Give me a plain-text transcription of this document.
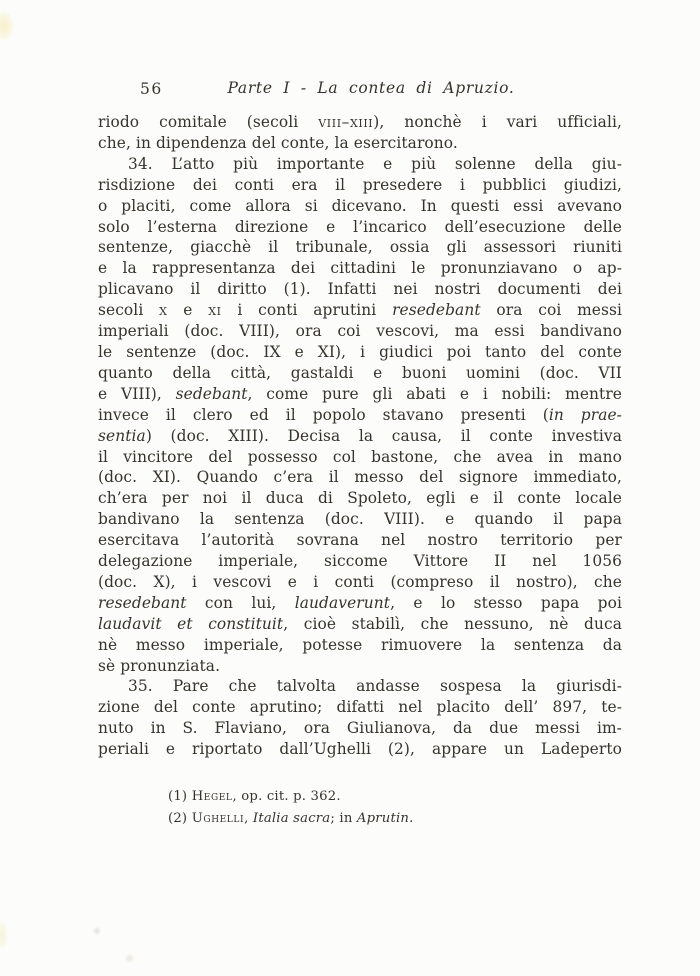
56	Parte I - La contea di Apruzio.
riodo comitale (secoli viii–xiii), nonchè i vari ufficiali,
che, in dipendenza del conte, la esercitarono.
34. L’atto più importante e più solenne della giu-
risdizione dei conti era il presedere i pubblici giudizi,
o placiti, come allora si dicevano. In questi essi avevano
solo l’esterna direzione e l’incarico dell’esecuzione delle
sentenze, giacchè il tribunale, ossia gli assessori riuniti
e la rappresentanza dei cittadini le pronunziavano o ap-
plicavano il diritto (1). Infatti nei nostri documenti dei
secoli x e xi i conti aprutini resedebant ora coi messi
imperiali (doc. VIII), ora coi vescovi, ma essi bandivano
le sentenze (doc. IX e XI), i giudici poi tanto del conte
quanto della città, gastaldi e buoni uomini (doc. VII
e VIII), sedebant, come pure gli abati e i nobili: mentre
invece il clero ed il popolo stavano presenti (in prae-
sentia) (doc. XIII). Decisa la causa, il conte investiva
il vincitore del possesso col bastone, che avea in mano
(doc. XI). Quando c’era il messo del signore immediato,
ch’era per noi il duca di Spoleto, egli e il conte locale
bandivano la sentenza (doc. VIII). e quando il papa
esercitava l’autorità sovrana nel nostro territorio per
delegazione imperiale, siccome Vittore II nel 1056
(doc. X), i vescovi e i conti (compreso il nostro), che
resedebant con lui, laudaverunt, e lo stesso papa poi
laudavit et constituit, cioè stabilì, che nessuno, nè duca
nè messo imperiale, potesse rimuovere la sentenza da
sè pronunziata.
35. Pare che talvolta andasse sospesa la giurisdi-
zione del conte aprutino; difatti nel placito dell’ 897, te-
nuto in S. Flaviano, ora Giulianova, da due messi im-
periali e riportato dall’Ughelli (2), appare un Ladeperto
(1) Hegel, op. cit. p. 362.
(2) Ughelli, Italia sacra; in Aprutin.
